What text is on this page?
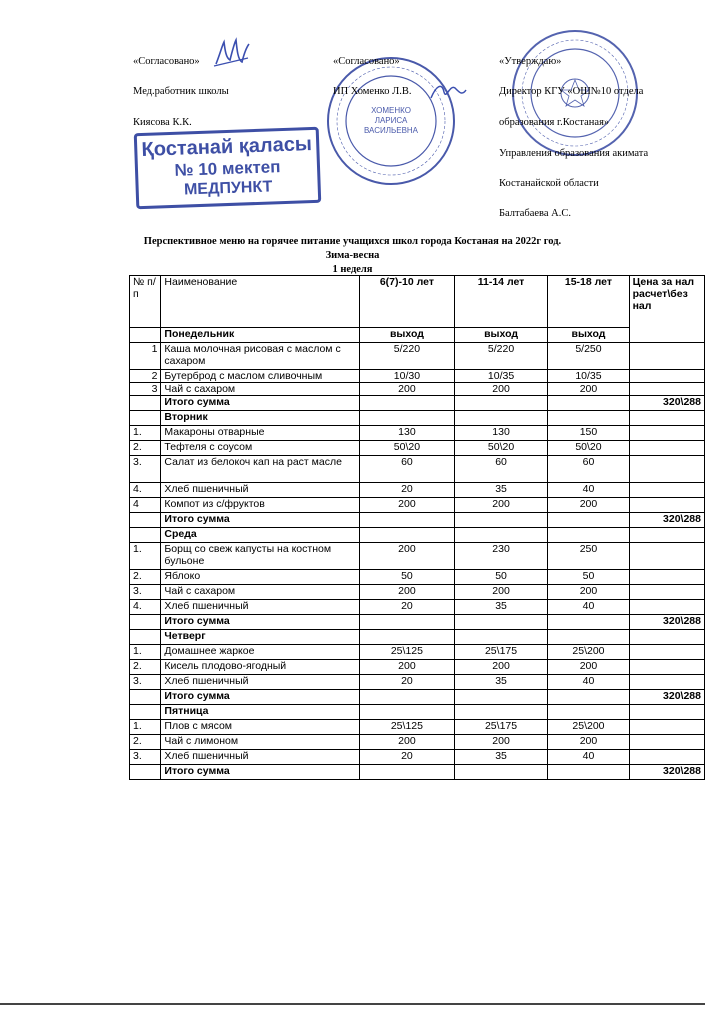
«Согласовано»
Мед.работник школы
Киясова К.К.
Қостанай қаласы
№ 10 мектеп
МЕДПУНКТ
ХОМЕНКО
ЛАРИСА
ВАСИЛЬЕВНА
«Согласовано»
ИП Хоменко Л.В.
«Утверждаю»
Директор КГУ «ОШ№10 отдела
образования г.Костаная»
Управления образования акимата
Костанайской области
Балтабаева А.С.
Перспективное меню на горячее питание учащихся школ города Костаная на 2022г год.
Зима-весна
1 неделя
№ п/п	Наименование	6(7)-10 лет	11-14 лет	15-18 лет	Цена за нал расчет\без нал
	Понедельник	выход	выход	выход	
1	Каша молочная рисовая с маслом с сахаром	5/220	5/220	5/250	
2	Бутерброд с маслом сливочным	10/30	10/35	10/35	
3	Чай с сахаром	200	200	200	
	Итого сумма				320\288
	Вторник				
1.	Макароны отварные	130	130	150	
2.	Тефтеля с соусом	50\20	50\20	50\20	
3.	Салат из белокоч кап на раст масле	60	60	60	
4.	Хлеб пшеничный	20	35	40	
4	Компот из с/фруктов	200	200	200	
	Итого сумма				320\288
	Среда				
1.	Борщ со свеж капусты на костном бульоне	200	230	250	
2.	Яблоко	50	50	50	
3.	Чай с сахаром	200	200	200	
4.	Хлеб пшеничный	20	35	40	
	Итого сумма				320\288
	Четверг				
1.	Домашнее жаркое	25\125	25\175	25\200	
2.	Кисель плодово-ягодный	200	200	200	
3.	Хлеб пшеничный	20	35	40	
	Итого сумма				320\288
	Пятница				
1.	Плов с мясом	25\125	25\175	25\200	
2.	Чай с лимоном	200	200	200	
3.	Хлеб пшеничный	20	35	40	
	Итого сумма				320\288
